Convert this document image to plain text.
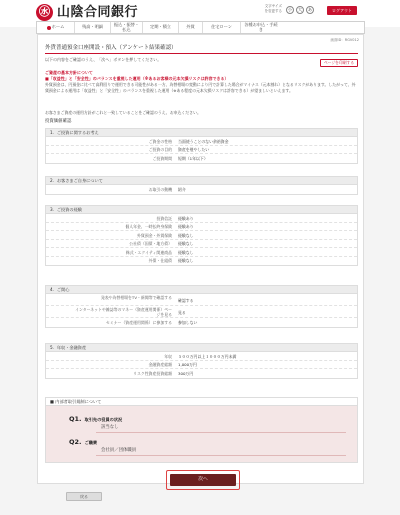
㊌ 山陰合同銀行	文字サイズを変更する	小	大	あ	ログアウト
ホーム	残高・明細	振込・振替・払込	定期・積立	外貨	住宅ローン	各種お申込・手続き
画面ID：RGV012
外貨普通預金口座開設・預入（アンケート結果確認）
以下の内容をご確認のうえ、「次へ」ボタンを押してください。
ページを印刷する
ご資産の基本方針について
■「収益性」と「安全性」のバランスを重視した運用（※あるお客様の元本欠損リスクは許容できる）
外貨預金は、円預金に比べて高利回りで運用できる可能性がある一方、為替相場の変動により円で計算した場合がマイナス（元本割れ）となるリスクがあります。したがって、外貨預金による運用は「収益性」と「安全性」のバランスを重視した運用（※ある程度の元本欠損リスクは許容できる）が望ましいといえます。
お客さまご資産の運用方針がこれと一致していることをご確認のうえ、お申込ください。
投資価値確認
1．ご投資に関するお考え
ご資金の性格 当面使うことのない余裕資金
ご投資の目的 資産を殖やしたい
ご投資期間 短期（1年以下）
2．お客さまご自身について
お取引の動機 紹介
3．ご投資の経験
投資信託 経験あり
個人年金、一時払終身保険 経験あり
外貨預金・外貨保険 経験なし
公社債（国債・地方債） 経験なし
株式・エクイティ関連商品 経験なし
外債・仕組債 経験なし
4．ご関心
発表や為替相場をTV・新聞等で確認する 確認する
インターネットや雑誌等のマネー（資産運用関係）ページを見る
見る
セミナー（資産運用関係）に参加する 参加しない
5．年収・金融資産
年収 ５００万円以上１０００万円未満
金融資産総額 1,000万円
リスク性資産投資総額 300万円
■ 内部者取引規制について
Q1. 取引先の役員の状況
該当なし
Q2. ご職業
会社員／団体職員
次へ
戻る
